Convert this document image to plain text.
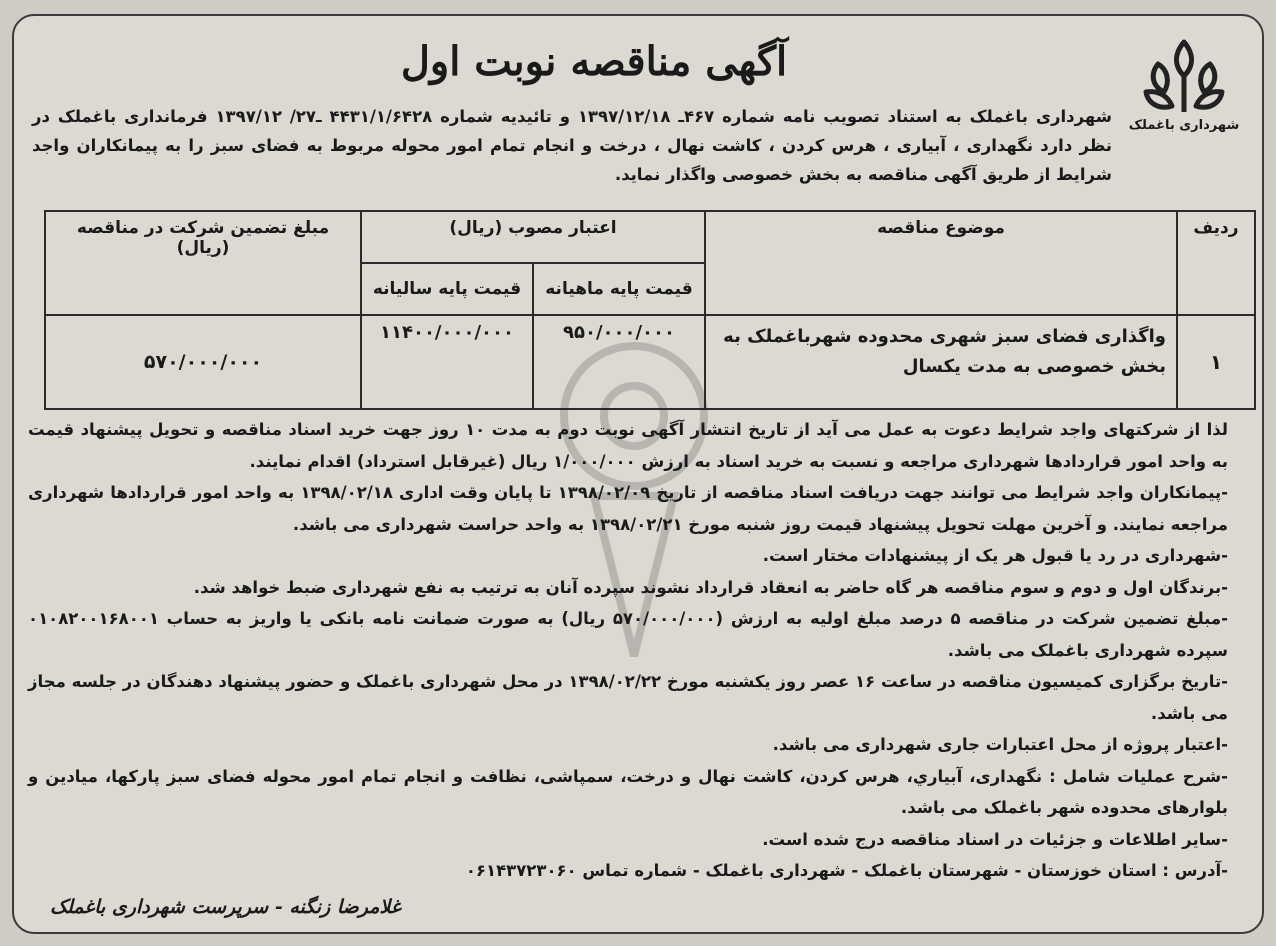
شهرداری باغملک
آگهی مناقصه نوبت اول
شهرداری باغملک به استناد تصویب نامه شماره ۴۶۷ـ ۱۳۹۷/۱۲/۱۸ و تائیدیه شماره ۴۴۳۱/۱/۶۴۲۸ ـ۲۷/ ۱۳۹۷/۱۲ فرمانداری باغملک در نظر دارد نگهداری ، آبیاری ، هرس کردن ، کاشت نهال ، درخت و انجام تمام امور محوله مربوط به فضای سبز را به پیمانکاران واجد شرایط از طریق آگهی مناقصه به بخش خصوصی واگذار نماید.
ردیف	موضوع مناقصه	اعتبار مصوب (ریال)		مبلغ تضمین شرکت در مناقصه (ریال)
		قیمت پایه ماهیانه	قیمت پایه سالیانه	
۱	واگذاری فضای سبز شهری محدوده شهرباغملک به بخش خصوصی به مدت یکسال	۹۵۰/۰۰۰/۰۰۰	۱۱۴۰۰/۰۰۰/۰۰۰	۵۷۰/۰۰۰/۰۰۰

لذا از شرکتهای واجد شرایط دعوت به عمل می آید از تاریخ انتشار آگهی نوبت دوم به مدت ۱۰ روز جهت خرید اسناد مناقصه و تحویل پیشنهاد قیمت به واحد امور قراردادها شهرداری مراجعه و نسبت به خرید اسناد به ارزش ۱/۰۰۰/۰۰۰ ریال (غیرقابل استرداد) اقدام نمایند.

-پیمانکاران واجد شرایط می توانند جهت دریافت اسناد مناقصه از تاریخ ۱۳۹۸/۰۲/۰۹ تا پایان وقت اداری ۱۳۹۸/۰۲/۱۸ به واحد امور قراردادها شهرداری مراجعه نمایند. و آخرین مهلت تحویل پیشنهاد قیمت روز شنبه مورخ ۱۳۹۸/۰۲/۲۱ به واحد حراست شهرداری می باشد.

-شهرداری در رد یا قبول هر یک از پیشنهادات مختار است.

-برندگان اول و دوم و سوم مناقصه هر گاه حاضر به انعقاد قرارداد نشوند سپرده آنان به ترتیب به نفع شهرداری ضبط خواهد شد.

-مبلغ تضمین شرکت در مناقصه ۵ درصد مبلغ اولیه به ارزش (۵۷۰/۰۰۰/۰۰۰ ریال) به صورت ضمانت نامه بانکی یا واریز به حساب ۰۱۰۸۲۰۰۱۶۸۰۰۱ سپرده شهرداری باغملک می باشد.

-تاریخ برگزاری کمیسیون مناقصه در ساعت ۱۶ عصر روز یکشنبه مورخ ۱۳۹۸/۰۲/۲۲ در محل شهرداری باغملک و حضور پیشنهاد دهندگان در جلسه مجاز می باشد.

-اعتبار پروژه از محل اعتبارات جاری شهرداری می باشد.

-شرح عملیات شامل : نگهداری، آبیاري، هرس کردن، کاشت نهال و درخت، سمپاشی، نظافت و انجام تمام امور محوله فضای سبز پارکها، میادین و بلوارهای محدوده شهر باغملک می باشد.

-سایر اطلاعات و جزئیات در اسناد مناقصه درج شده است.

-آدرس : استان خوزستان - شهرستان باغملک - شهرداری باغملک - شماره تماس ۰۶۱۴۳۷۲۳۰۶۰

غلامرضا زنگنه - سرپرست شهرداری باغملک
